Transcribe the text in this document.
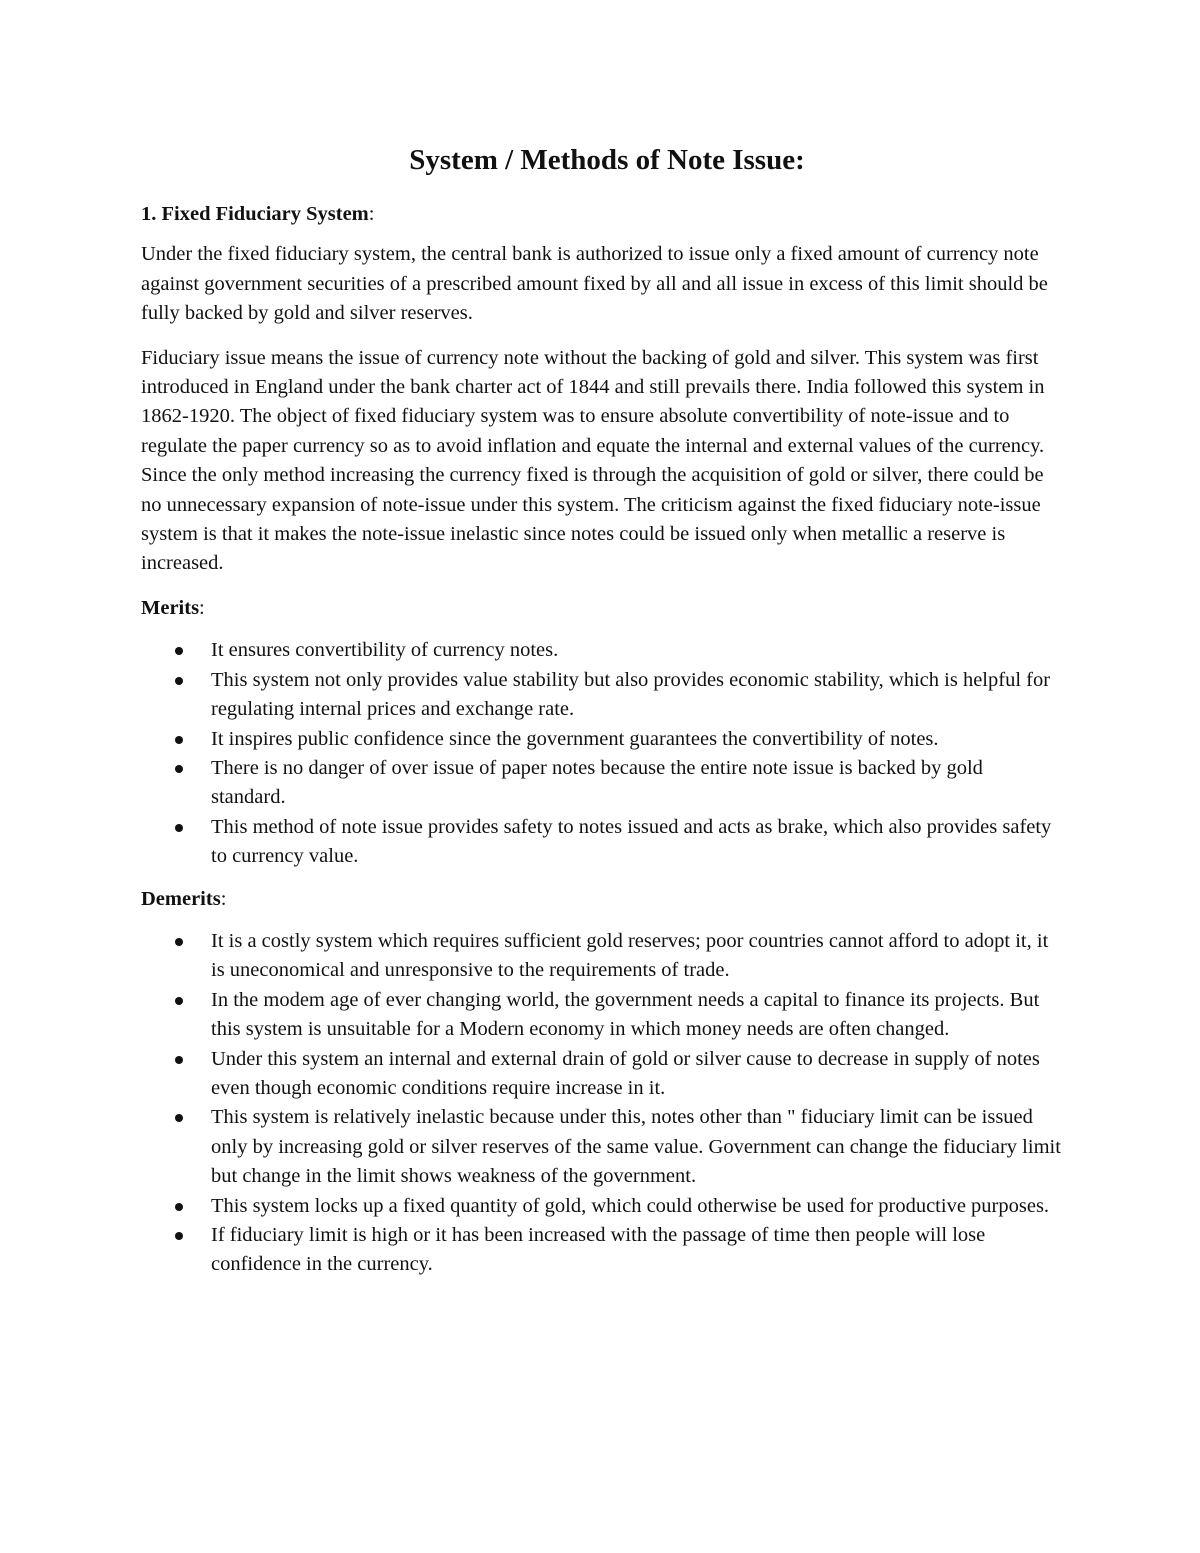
System / Methods of Note Issue:
1. Fixed Fiduciary System:

Under the fixed fiduciary system, the central bank is authorized to issue only a fixed amount of currency note against government securities of a prescribed amount fixed by all and all issue in excess of this limit should be fully backed by gold and silver reserves.

Fiduciary issue means the issue of currency note without the backing of gold and silver. This system was first introduced in England under the bank charter act of 1844 and still prevails there. India followed this system in 1862-1920. The object of fixed fiduciary system was to ensure absolute convertibility of note-issue and to regulate the paper currency so as to avoid inflation and equate the internal and external values of the currency. Since the only method increasing the currency fixed is through the acquisition of gold or silver, there could be no unnecessary expansion of note-issue under this system. The criticism against the fixed fiduciary note-issue system is that it makes the note-issue inelastic since notes could be issued only when metallic a reserve is increased.

Merits:
It ensures convertibility of currency notes.
This system not only provides value stability but also provides economic stability, which is helpful for regulating internal prices and exchange rate.
It inspires public confidence since the government guarantees the convertibility of notes.
There is no danger of over issue of paper notes because the entire note issue is backed by gold standard.
This method of note issue provides safety to notes issued and acts as brake, which also provides safety to currency value.
Demerits:
It is a costly system which requires sufficient gold reserves; poor countries cannot afford to adopt it, it is uneconomical and unresponsive to the requirements of trade.
In the modem age of ever changing world, the government needs a capital to finance its projects. But this system is unsuitable for a Modern economy in which money needs are often changed.
Under this system an internal and external drain of gold or silver cause to decrease in supply of notes even though economic conditions require increase in it.
This system is relatively inelastic because under this, notes other than " fiduciary limit can be issued only by increasing gold or silver reserves of the same value. Government can change the fiduciary limit but change in the limit shows weakness of the government.
This system locks up a fixed quantity of gold, which could otherwise be used for productive purposes.
If fiduciary limit is high or it has been increased with the passage of time then people will lose confidence in the currency.
